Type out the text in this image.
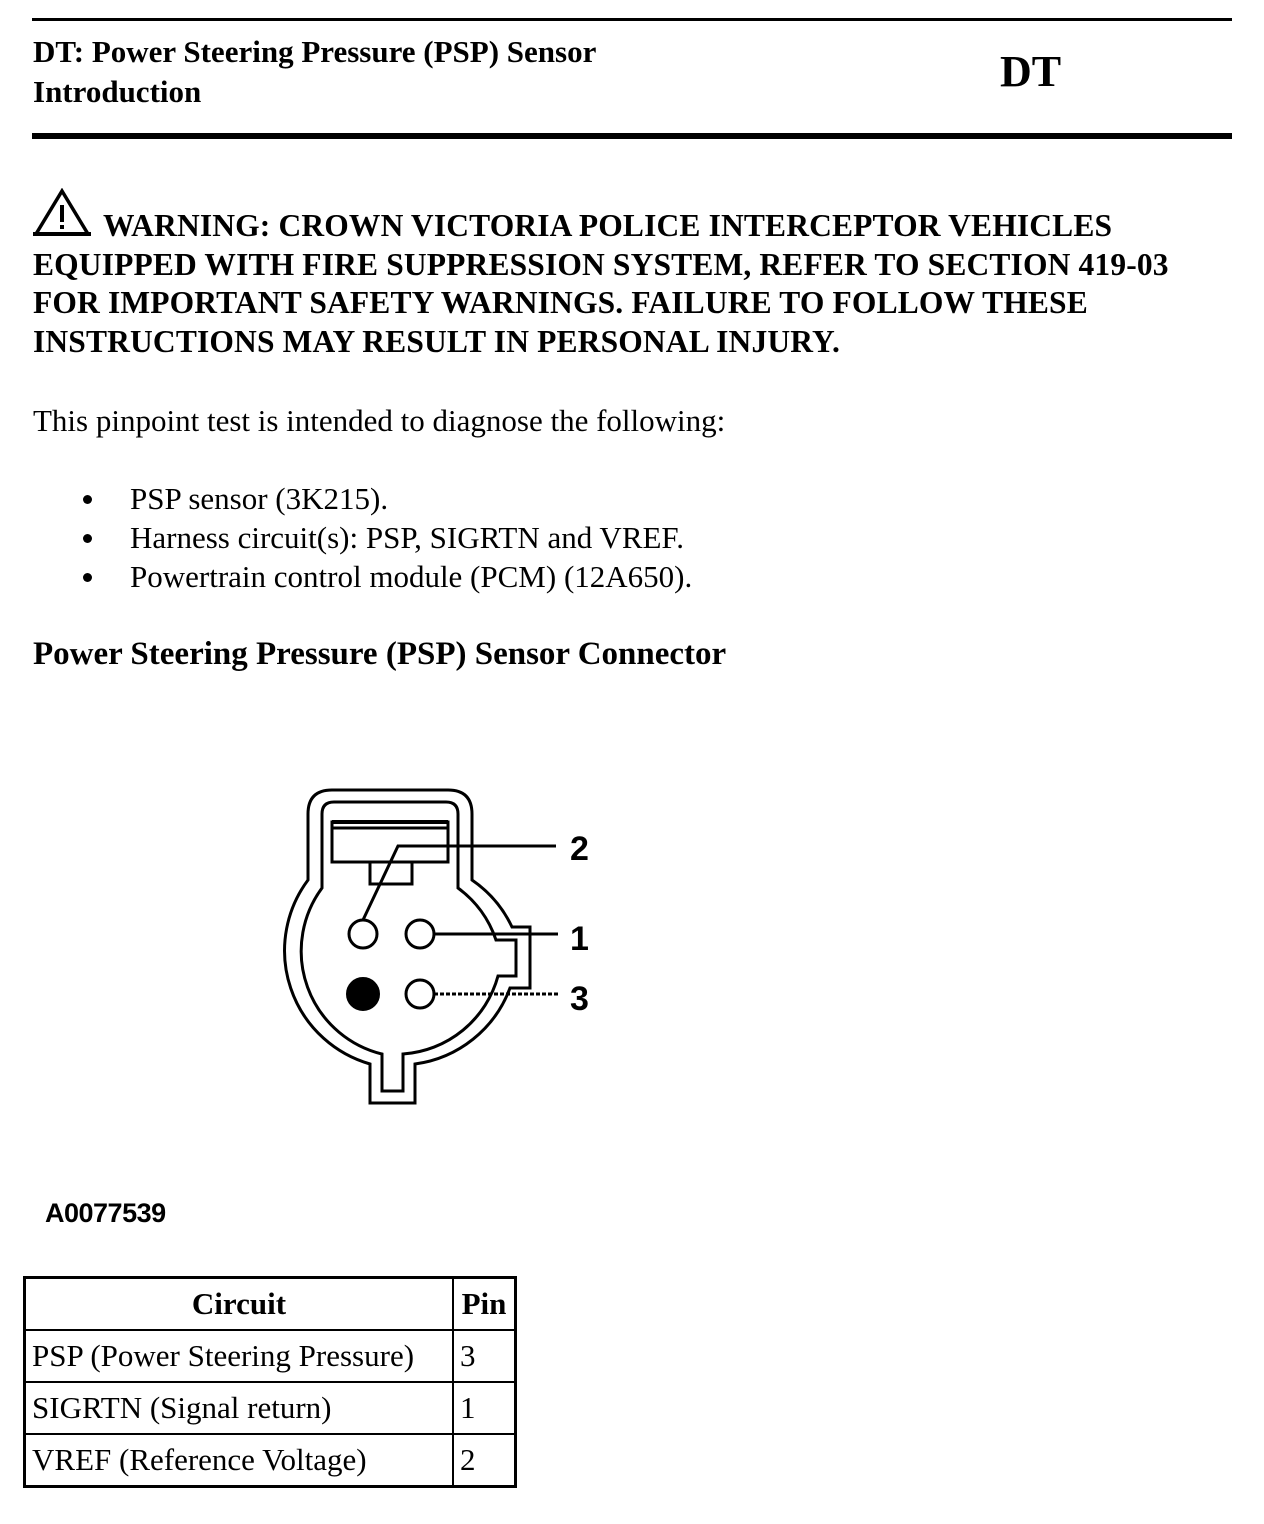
DT: Power Steering Pressure (PSP) Sensor
Introduction	DT
WARNING: CROWN VICTORIA POLICE INTERCEPTOR VEHICLES
EQUIPPED WITH FIRE SUPPRESSION SYSTEM, REFER TO SECTION 419-03
FOR IMPORTANT SAFETY WARNINGS. FAILURE TO FOLLOW THESE
INSTRUCTIONS MAY RESULT IN PERSONAL INJURY.
This pinpoint test is intended to diagnose the following:
PSP sensor (3K215).
Harness circuit(s): PSP, SIGRTN and VREF.
Powertrain control module (PCM) (12A650).
Power Steering Pressure (PSP) Sensor Connector
2
1
3
A0077539
Circuit	Pin
PSP (Power Steering Pressure)	3
SIGRTN (Signal return)	1
VREF (Reference Voltage)	2
